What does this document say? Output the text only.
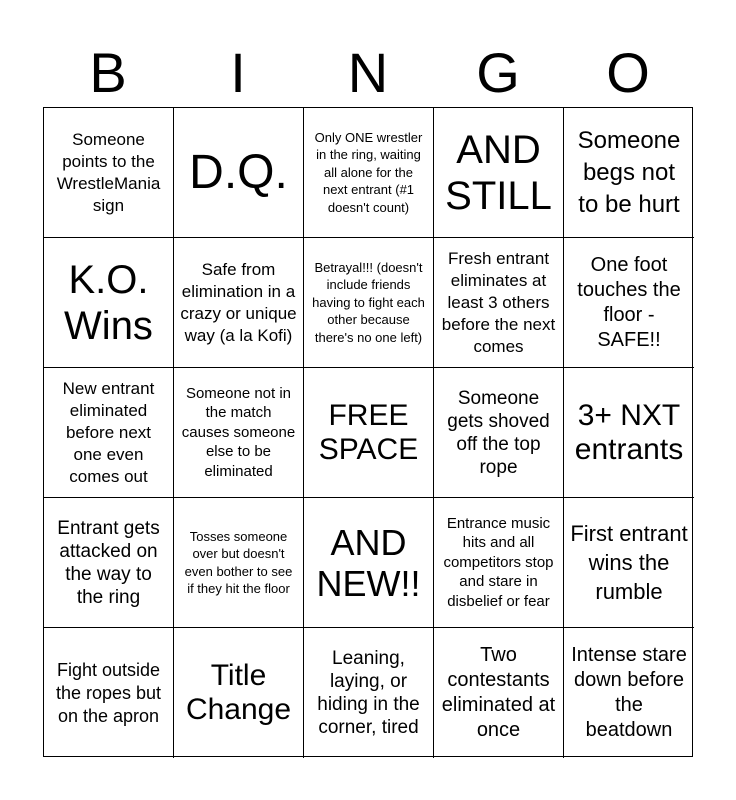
B	I	N	G	O
Someone points to the WrestleMania sign
D.Q.
Only ONE wrestler in the ring, waiting all alone for the next entrant (#1 doesn't count)
AND STILL
Someone begs not to be hurt
K.O. Wins
Safe from elimination in a crazy or unique way (a la Kofi)
Betrayal!!! (doesn't include friends having to fight each other because there's no one left)
Fresh entrant eliminates at least 3 others before the next comes
One foot touches the floor - SAFE!!
New entrant eliminated before next one even comes out
Someone not in the match causes someone else to be eliminated
FREE SPACE
Someone gets shoved off the top rope
3+ NXT entrants
Entrant gets attacked on the way to the ring
Tosses someone over but doesn't even bother to see if they hit the floor
AND NEW!!
Entrance music hits and all competitors stop and stare in disbelief or fear
First entrant wins the rumble
Fight outside the ropes but on the apron
Title Change
Leaning, laying, or hiding in the corner, tired
Two contestants eliminated at once
Intense stare down before the beatdown
